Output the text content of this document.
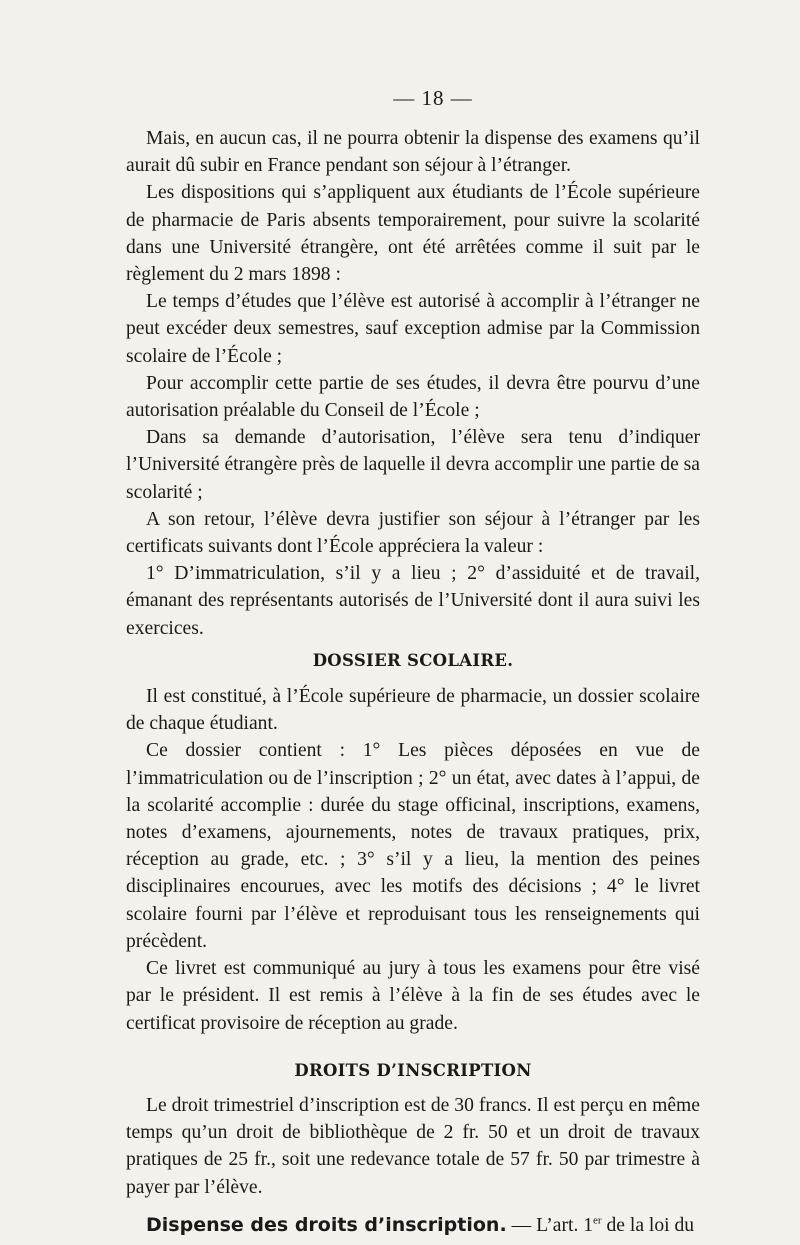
— 18 —

Mais, en aucun cas, il ne pourra obtenir la dispense des examens qu’il aurait dû subir en France pendant son séjour à l’étranger.

Les dispositions qui s’appliquent aux étudiants de l’École supérieure de pharmacie de Paris absents temporairement, pour suivre la scolarité dans une Université étrangère, ont été arrêtées comme il suit par le règlement du 2 mars 1898 :

Le temps d’études que l’élève est autorisé à accomplir à l’étranger ne peut excéder deux semestres, sauf exception admise par la Commission scolaire de l’École ;

Pour accomplir cette partie de ses études, il devra être pourvu d’une autorisation préalable du Conseil de l’École ;

Dans sa demande d’autorisation, l’élève sera tenu d’indiquer l’Université étrangère près de laquelle il devra accomplir une partie de sa scolarité ;

A son retour, l’élève devra justifier son séjour à l’étranger par les certificats suivants dont l’École appréciera la valeur :

1° D’immatriculation, s’il y a lieu ; 2° d’assiduité et de travail, émanant des représentants autorisés de l’Université dont il aura suivi les exercices.

DOSSIER SCOLAIRE.

Il est constitué, à l’École supérieure de pharmacie, un dossier scolaire de chaque étudiant.

Ce dossier contient : 1° Les pièces déposées en vue de l’immatriculation ou de l’inscription ; 2° un état, avec dates à l’appui, de la scolarité accomplie : durée du stage officinal, inscriptions, examens, notes d’examens, ajournements, notes de travaux pratiques, prix, réception au grade, etc. ; 3° s’il y a lieu, la mention des peines disciplinaires encourues, avec les motifs des décisions ; 4° le livret scolaire fourni par l’élève et reproduisant tous les renseignements qui précèdent.

Ce livret est communiqué au jury à tous les examens pour être visé par le président. Il est remis à l’élève à la fin de ses études avec le certificat provisoire de réception au grade.

DROITS D’INSCRIPTION

Le droit trimestriel d’inscription est de 30 francs. Il est perçu en même temps qu’un droit de bibliothèque de 2 fr. 50 et un droit de travaux pratiques de 25 fr., soit une redevance totale de 57 fr. 50 par trimestre à payer par l’élève.

Dispense des droits d’inscription. — L’art. 1er de la loi du
